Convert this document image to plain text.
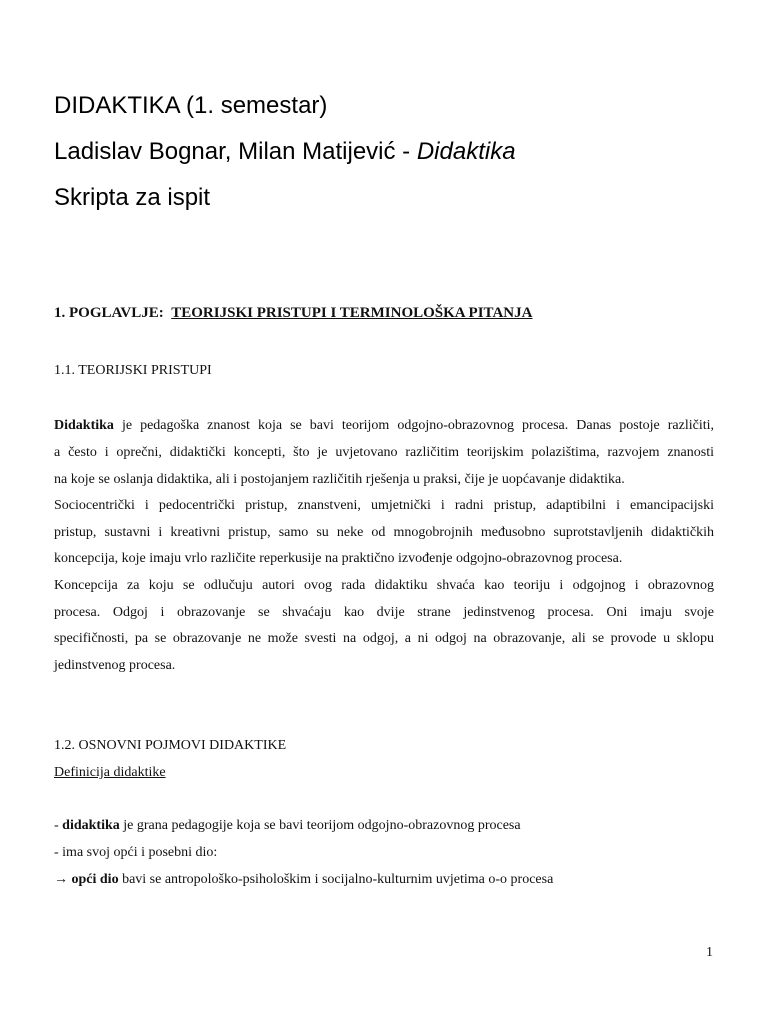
DIDAKTIKA (1. semestar)
Ladislav Bognar, Milan Matijević - Didaktika
Skripta za ispit
1. POGLAVLJE: TEORIJSKI PRISTUPI I TERMINOLOŠKA PITANJA
1.1. TEORIJSKI PRISTUPI
Didaktika je pedagoška znanost koja se bavi teorijom odgojno-obrazovnog procesa. Danas postoje različiti,
a često i oprečni, didaktički koncepti, što je uvjetovano različitim teorijskim polazištima, razvojem znanosti
na koje se oslanja didaktika, ali i postojanjem različitih rješenja u praksi, čije je uopćavanje didaktika.
Sociocentrički i pedocentrički pristup, znanstveni, umjetnički i radni pristup, adaptibilni i emancipacijski
pristup, sustavni i kreativni pristup, samo su neke od mnogobrojnih međusobno suprotstavljenih didaktičkih
koncepcija, koje imaju vrlo različite reperkusije na praktično izvođenje odgojno-obrazovnog procesa.
Koncepcija za koju se odlučuju autori ovog rada didaktiku shvaća kao teoriju i odgojnog i obrazovnog
procesa. Odgoj i obrazovanje se shvaćaju kao dvije strane jedinstvenog procesa. Oni imaju svoje
specifičnosti, pa se obrazovanje ne može svesti na odgoj, a ni odgoj na obrazovanje, ali se provode u sklopu
jedinstvenog procesa.
1.2. OSNOVNI POJMOVI DIDAKTIKE
Definicija didaktike
- didaktika je grana pedagogije koja se bavi teorijom odgojno-obrazovnog procesa
- ima svoj opći i posebni dio:
→ opći dio bavi se antropološko-psihološkim i socijalno-kulturnim uvjetima o-o procesa
1
